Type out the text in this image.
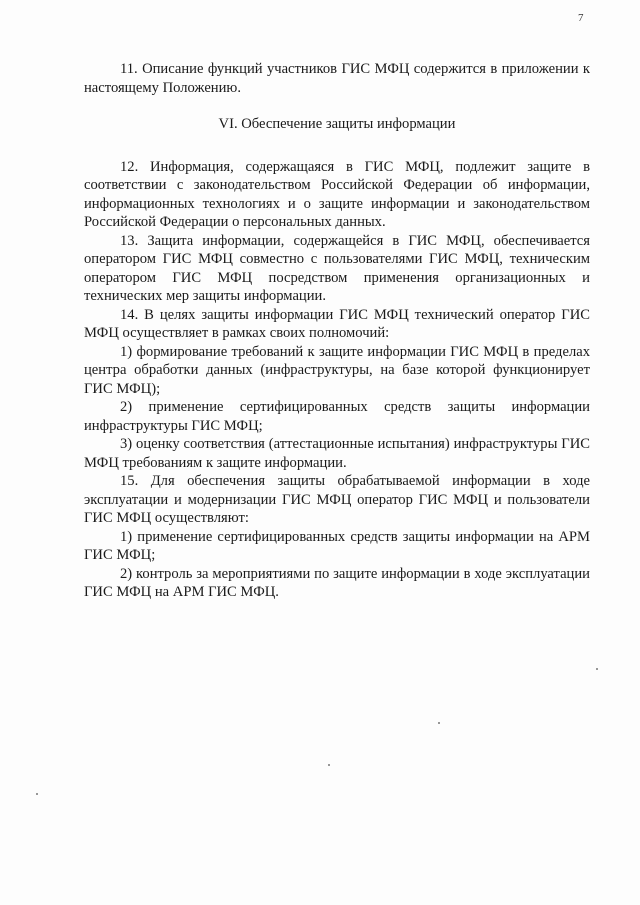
7

11. Описание функций участников ГИС МФЦ содержится в приложении к настоящему Положению.

VI. Обеспечение защиты информации

12. Информация, содержащаяся в ГИС МФЦ, подлежит защите в соответствии с законодательством Российской Федерации об информации, информационных технологиях и о защите информации и законодательством Российской Федерации о персональных данных.

13. Защита информации, содержащейся в ГИС МФЦ, обеспечивается оператором ГИС МФЦ совместно с пользователями ГИС МФЦ, техническим оператором ГИС МФЦ посредством применения организационных и технических мер защиты информации.

14. В целях защиты информации ГИС МФЦ технический оператор ГИС МФЦ осуществляет в рамках своих полномочий:

1) формирование требований к защите информации ГИС МФЦ в пределах центра обработки данных (инфраструктуры, на базе которой функционирует ГИС МФЦ);

2) применение сертифицированных средств защиты информации инфраструктуры ГИС МФЦ;

3) оценку соответствия (аттестационные испытания) инфраструктуры ГИС МФЦ требованиям к защите информации.

15. Для обеспечения защиты обрабатываемой информации в ходе эксплуатации и модернизации ГИС МФЦ оператор ГИС МФЦ и пользователи ГИС МФЦ осуществляют:

1) применение сертифицированных средств защиты информации на АРМ ГИС МФЦ;

2) контроль за мероприятиями по защите информации в ходе эксплуатации ГИС МФЦ на АРМ ГИС МФЦ.
